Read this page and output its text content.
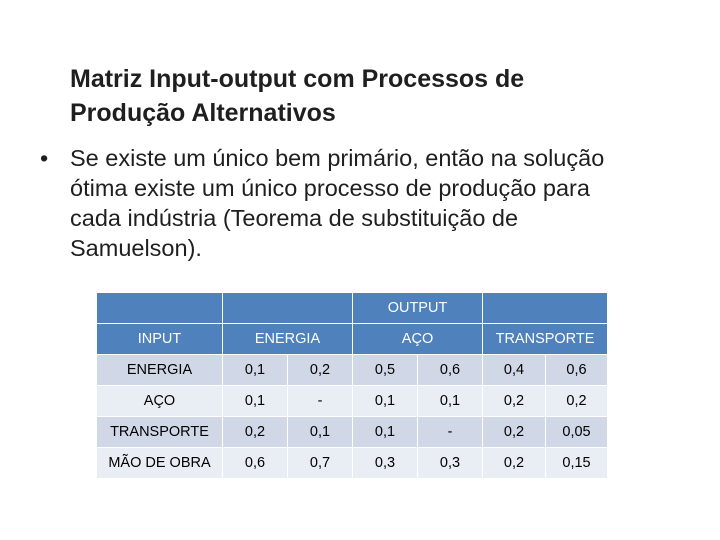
Matriz Input-output com Processos de
Produção Alternativos
• Se existe um único bem primário, então na solução
ótima existe um único processo de produção para
cada indústria (Teorema de substituição de
Samuelson).
			OUTPUT			
INPUT	ENERGIA		AÇO		TRANSPORTE	
ENERGIA	0,1	0,2	0,5	0,6	0,4	0,6
AÇO	0,1	-	0,1	0,1	0,2	0,2
TRANSPORTE	0,2	0,1	0,1	-	0,2	0,05
MÃO DE OBRA	0,6	0,7	0,3	0,3	0,2	0,15
